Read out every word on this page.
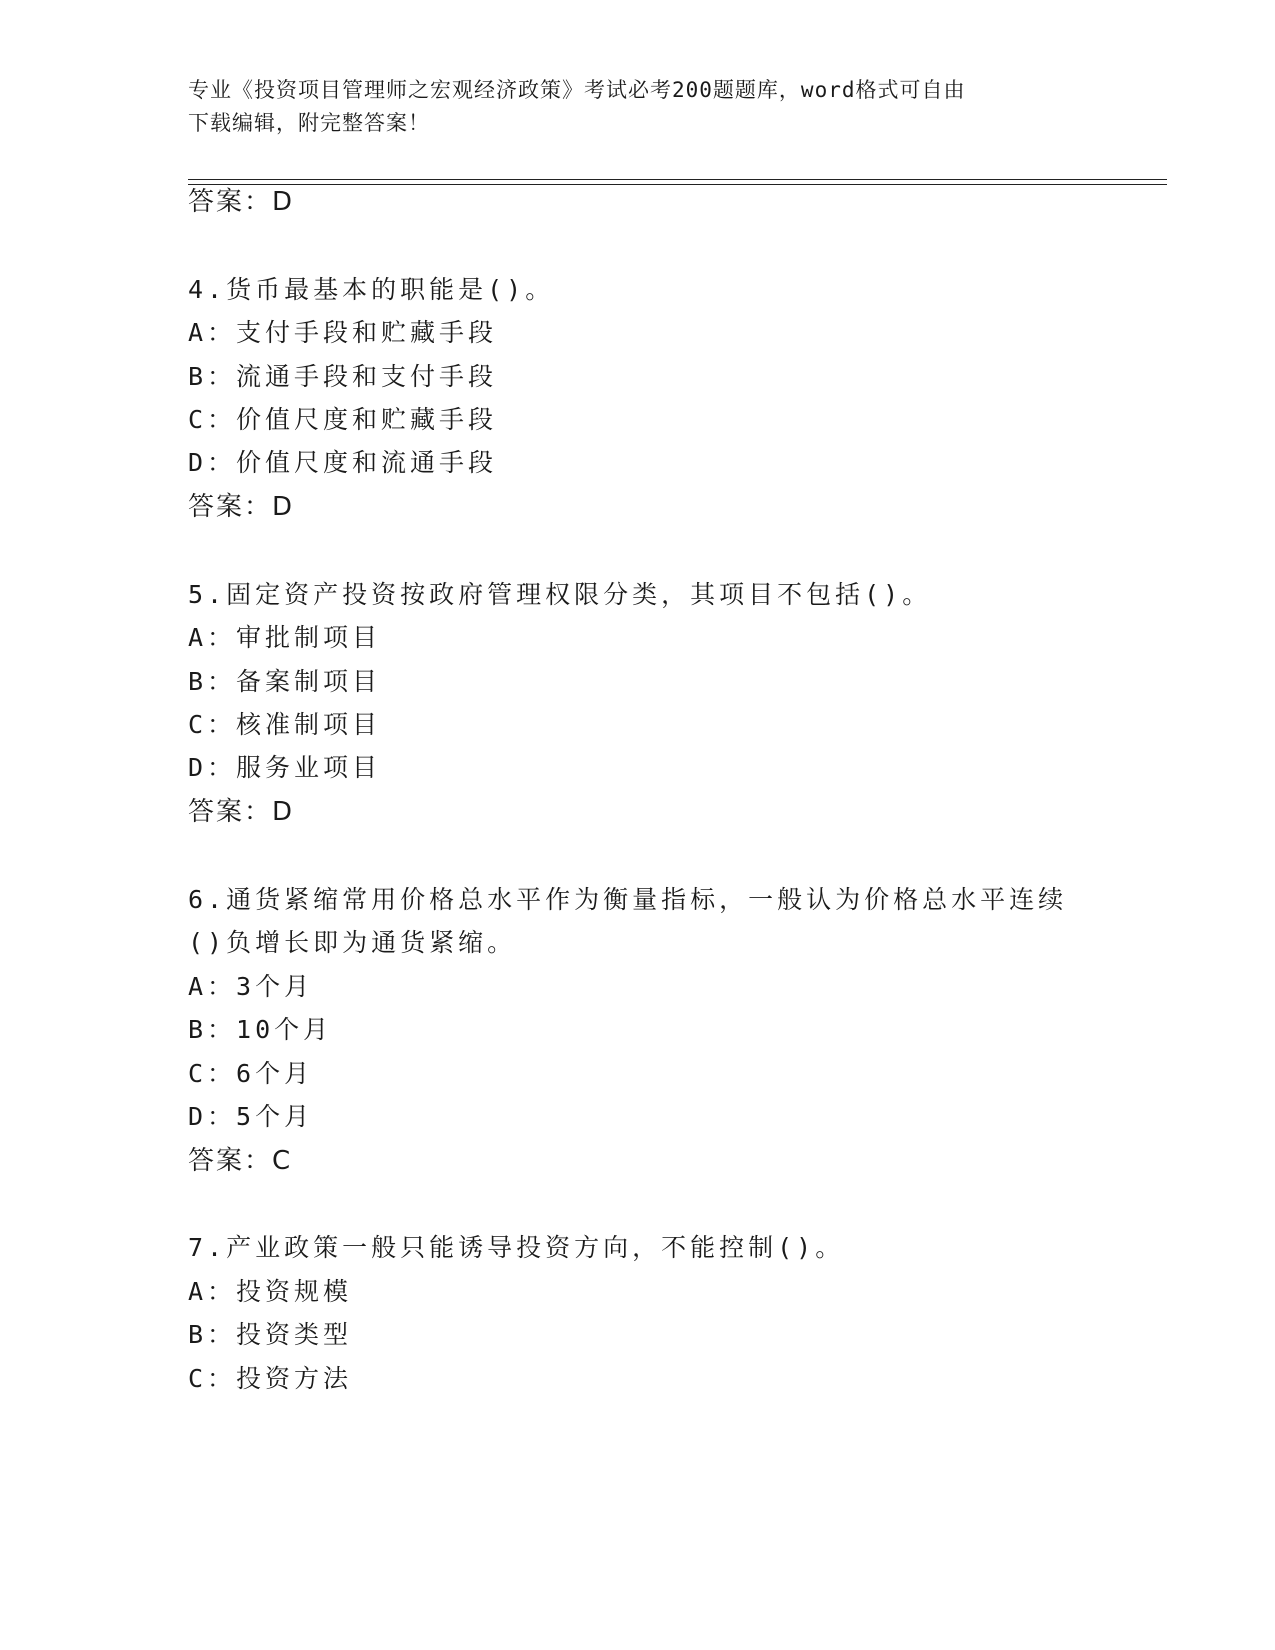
专业《投资项目管理师之宏观经济政策》考试必考200题题库，word格式可自由
下载编辑，附完整答案！
答案：D
4.货币最基本的职能是()。
A：支付手段和贮藏手段
B：流通手段和支付手段
C：价值尺度和贮藏手段
D：价值尺度和流通手段
答案：D
5.固定资产投资按政府管理权限分类，其项目不包括()。
A：审批制项目
B：备案制项目
C：核准制项目
D：服务业项目
答案：D
6.通货紧缩常用价格总水平作为衡量指标，一般认为价格总水平连续
()负增长即为通货紧缩。
A：3个月
B：10个月
C：6个月
D：5个月
答案：C
7.产业政策一般只能诱导投资方向，不能控制()。
A：投资规模
B：投资类型
C：投资方法
